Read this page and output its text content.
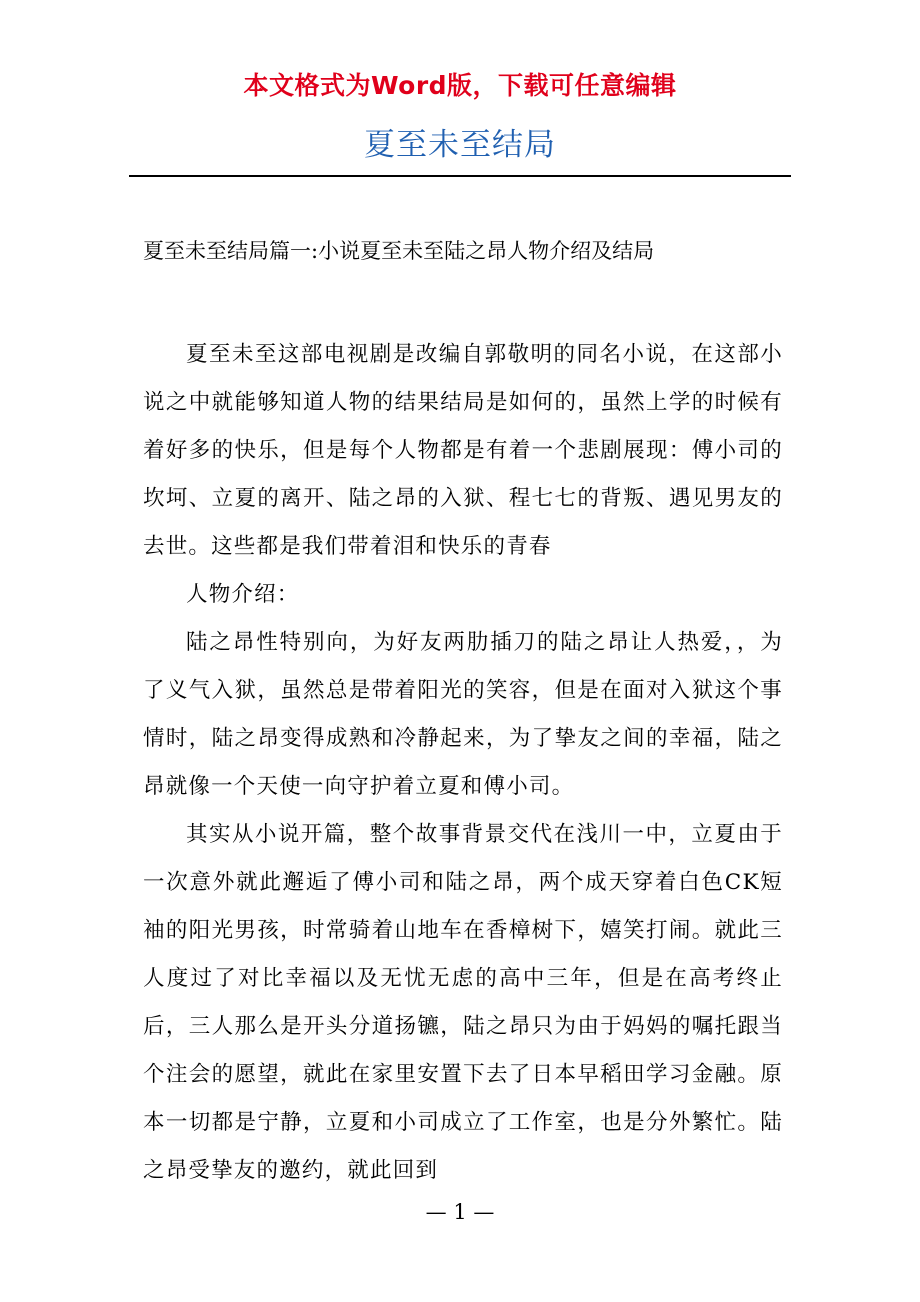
本文格式为Word版，下载可任意编辑
夏至未至结局
夏至未至结局篇一:小说夏至未至陆之昂人物介绍及结局

夏至未至这部电视剧是改编自郭敬明的同名小说，在这部小说之中就能够知道人物的结果结局是如何的，虽然上学的时候有着好多的快乐，但是每个人物都是有着一个悲剧展现：傅小司的坎坷、立夏的离开、陆之昂的入狱、程七七的背叛、遇见男友的去世。这些都是我们带着泪和快乐的青春

人物介绍：

陆之昂性特别向，为好友两肋插刀的陆之昂让人热爱，，为了义气入狱，虽然总是带着阳光的笑容，但是在面对入狱这个事情时，陆之昂变得成熟和冷静起来，为了挚友之间的幸福，陆之昂就像一个天使一向守护着立夏和傅小司。

其实从小说开篇，整个故事背景交代在浅川一中，立夏由于一次意外就此邂逅了傅小司和陆之昂，两个成天穿着白色CK短袖的阳光男孩，时常骑着山地车在香樟树下，嬉笑打闹。就此三人度过了对比幸福以及无忧无虑的高中三年，但是在高考终止后，三人那么是开头分道扬镳，陆之昂只为由于妈妈的嘱托跟当个注会的愿望，就此在家里安置下去了日本早稻田学习金融。原本一切都是宁静，立夏和小司成立了工作室，也是分外繁忙。陆之昂受挚友的邀约，就此回到

— 1 —
